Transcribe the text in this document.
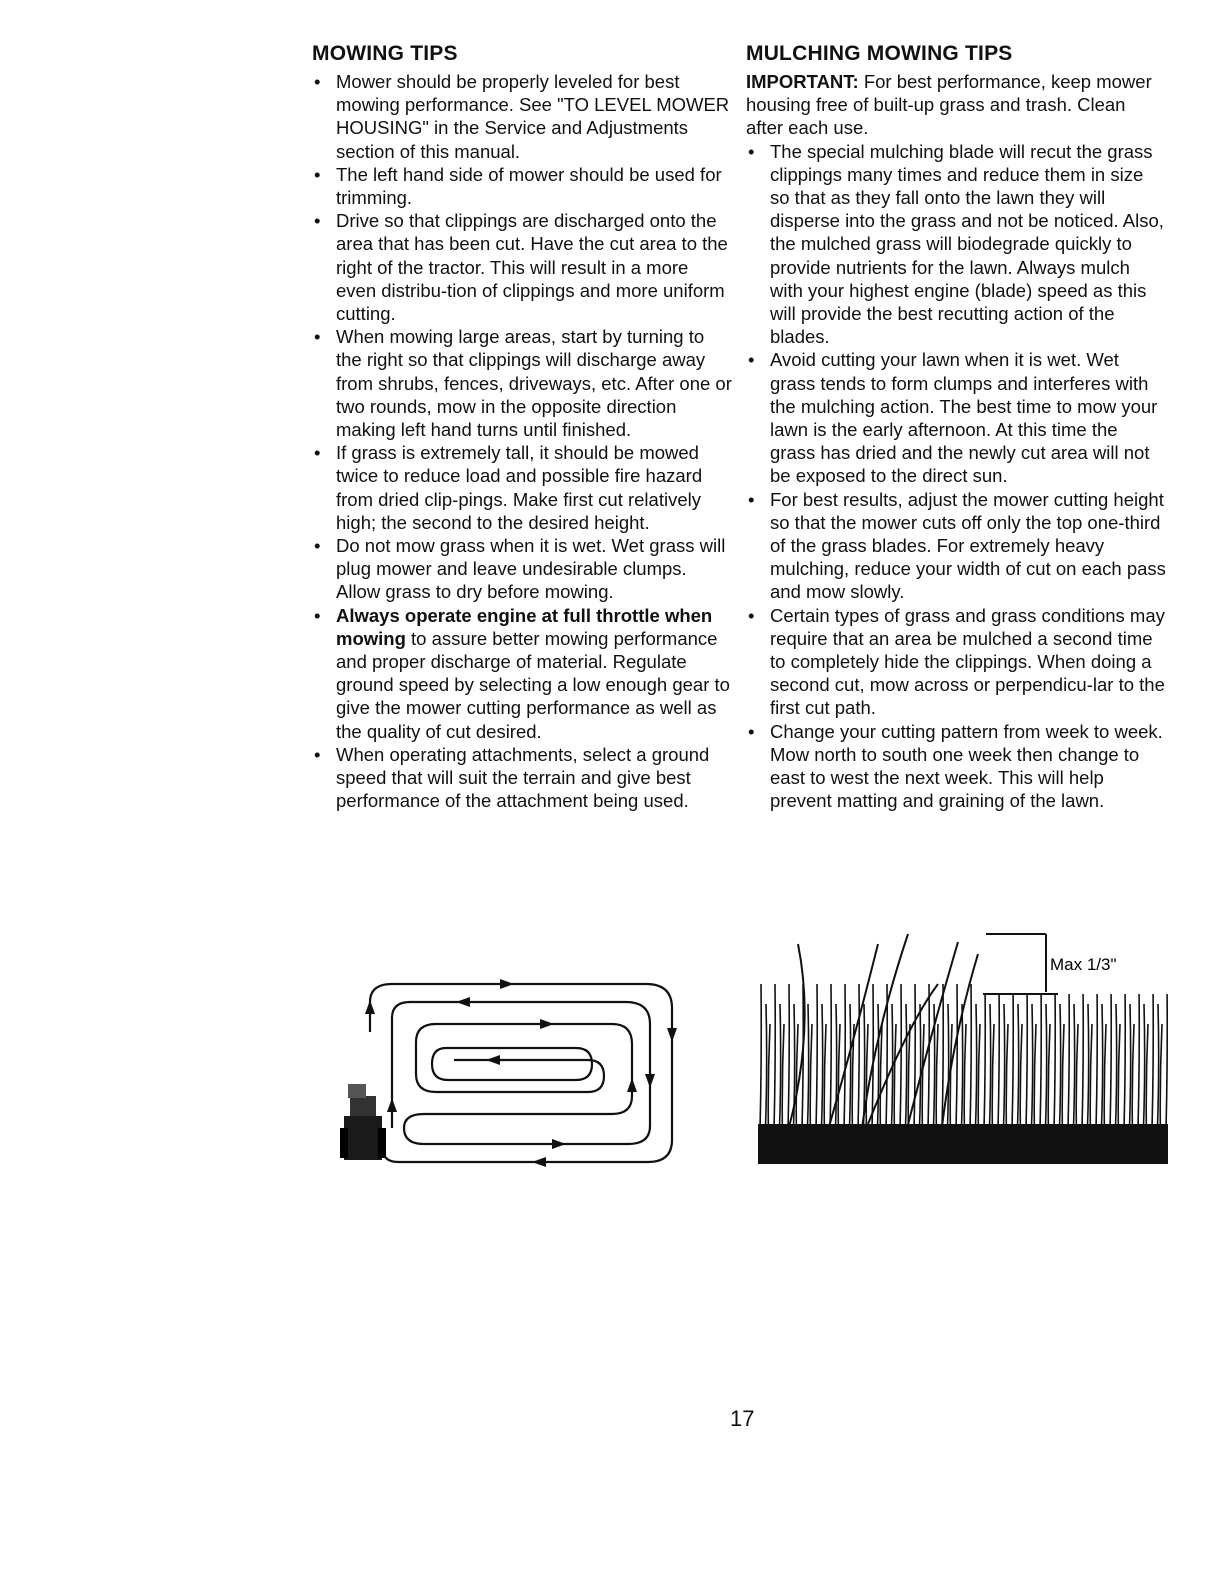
MOWING TIPS
• Mower should be properly leveled for best mowing performance. See "TO LEVEL MOWER HOUSING" in the Service and Adjustments section of this manual.
• The left hand side of mower should be used for trimming.
• Drive so that clippings are discharged onto the area that has been cut. Have the cut area to the right of the tractor. This will result in a more even distribu-tion of clippings and more uniform cutting.
• When mowing large areas, start by turning to the right so that clippings will discharge away from shrubs, fences, driveways, etc. After one or two rounds, mow in the opposite direction making left hand turns until finished.
• If grass is extremely tall, it should be mowed twice to reduce load and possible fire hazard from dried clip-pings. Make first cut relatively high; the second to the desired height.
• Do not mow grass when it is wet. Wet grass will plug mower and leave undesirable clumps. Allow grass to dry before mowing.
• Always operate engine at full throttle when mowing to assure better mowing performance and proper discharge of material. Regulate ground speed by selecting a low enough gear to give the mower cutting performance as well as the quality of cut desired.
• When operating attachments, select a ground speed that will suit the terrain and give best performance of the attachment being used.
MULCHING MOWING TIPS

IMPORTANT: For best performance, keep mower housing free of built-up grass and trash. Clean after each use.

• The special mulching blade will recut the grass clippings many times and reduce them in size so that as they fall onto the lawn they will disperse into the grass and not be noticed. Also, the mulched grass will biodegrade quickly to provide nutrients for the lawn. Always mulch with your highest engine (blade) speed as this will provide the best recutting action of the blades.
• Avoid cutting your lawn when it is wet. Wet grass tends to form clumps and interferes with the mulching action. The best time to mow your lawn is the early afternoon. At this time the grass has dried and the newly cut area will not be exposed to the direct sun.
• For best results, adjust the mower cutting height so that the mower cuts off only the top one-third of the grass blades. For extremely heavy mulching, reduce your width of cut on each pass and mow slowly.
• Certain types of grass and grass conditions may require that an area be mulched a second time to completely hide the clippings. When doing a second cut, mow across or perpendicu-lar to the first cut path.
• Change your cutting pattern from week to week. Mow north to south one week then change to east to west the next week. This will help prevent matting and graining of the lawn.
Max 1/3"
17
